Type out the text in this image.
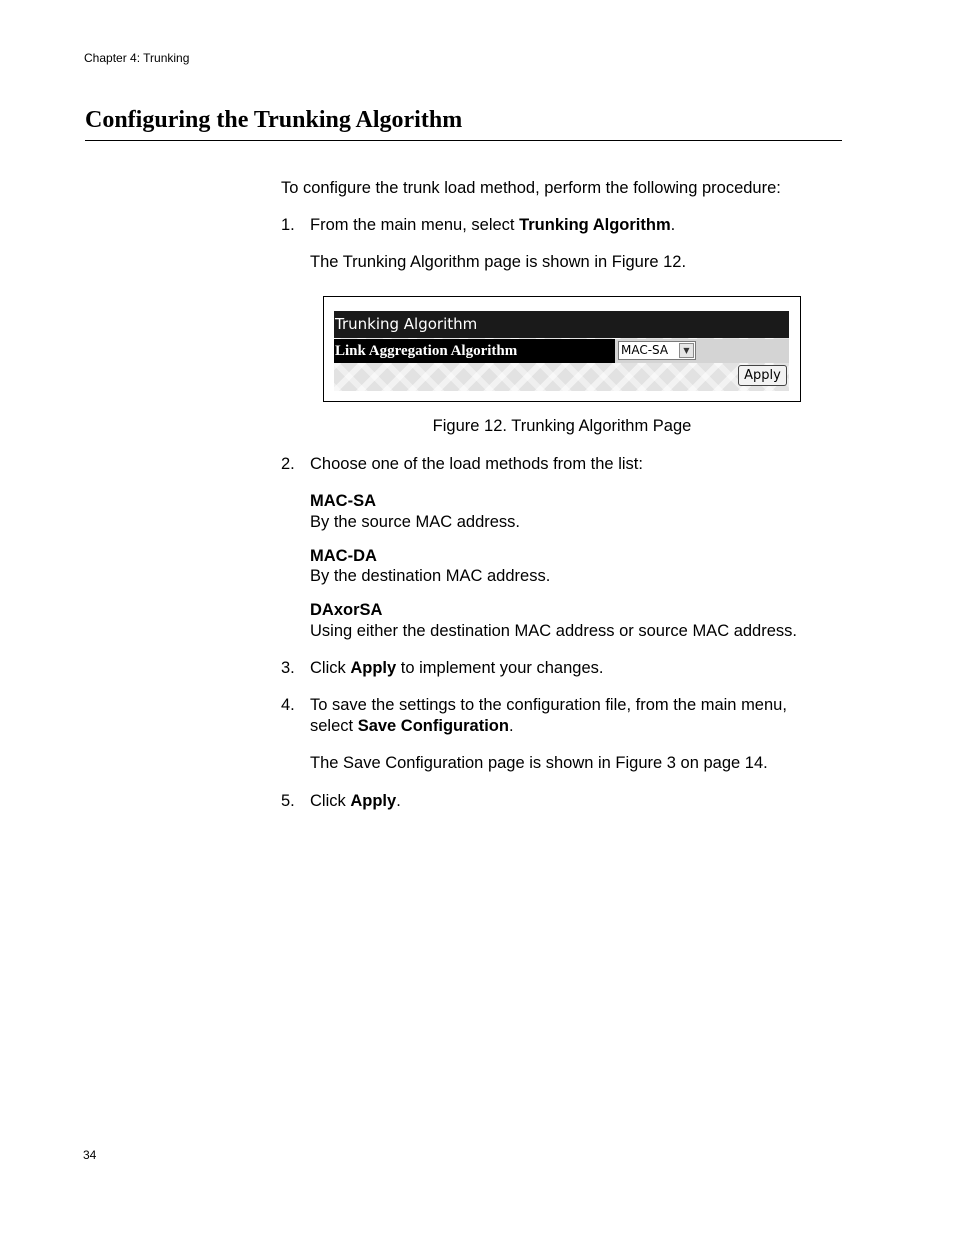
Chapter 4: Trunking
Configuring the Trunking Algorithm

To configure the trunk load method, perform the following procedure:

1. From the main menu, select Trunking Algorithm.

The Trunking Algorithm page is shown in Figure 12.

Trunking Algorithm
Link Aggregation Algorithm	MAC-SA	▼
Apply
Figure 12. Trunking Algorithm Page
2. Choose one of the load methods from the list:

MAC-SA

By the source MAC address.

MAC-DA

By the destination MAC address.

DAxorSA

Using either the destination MAC address or source MAC address.

3. Click Apply to implement your changes.

4. To save the settings to the configuration file, from the main menu,

select Save Configuration.

The Save Configuration page is shown in Figure 3 on page 14.

5. Click Apply.

34
